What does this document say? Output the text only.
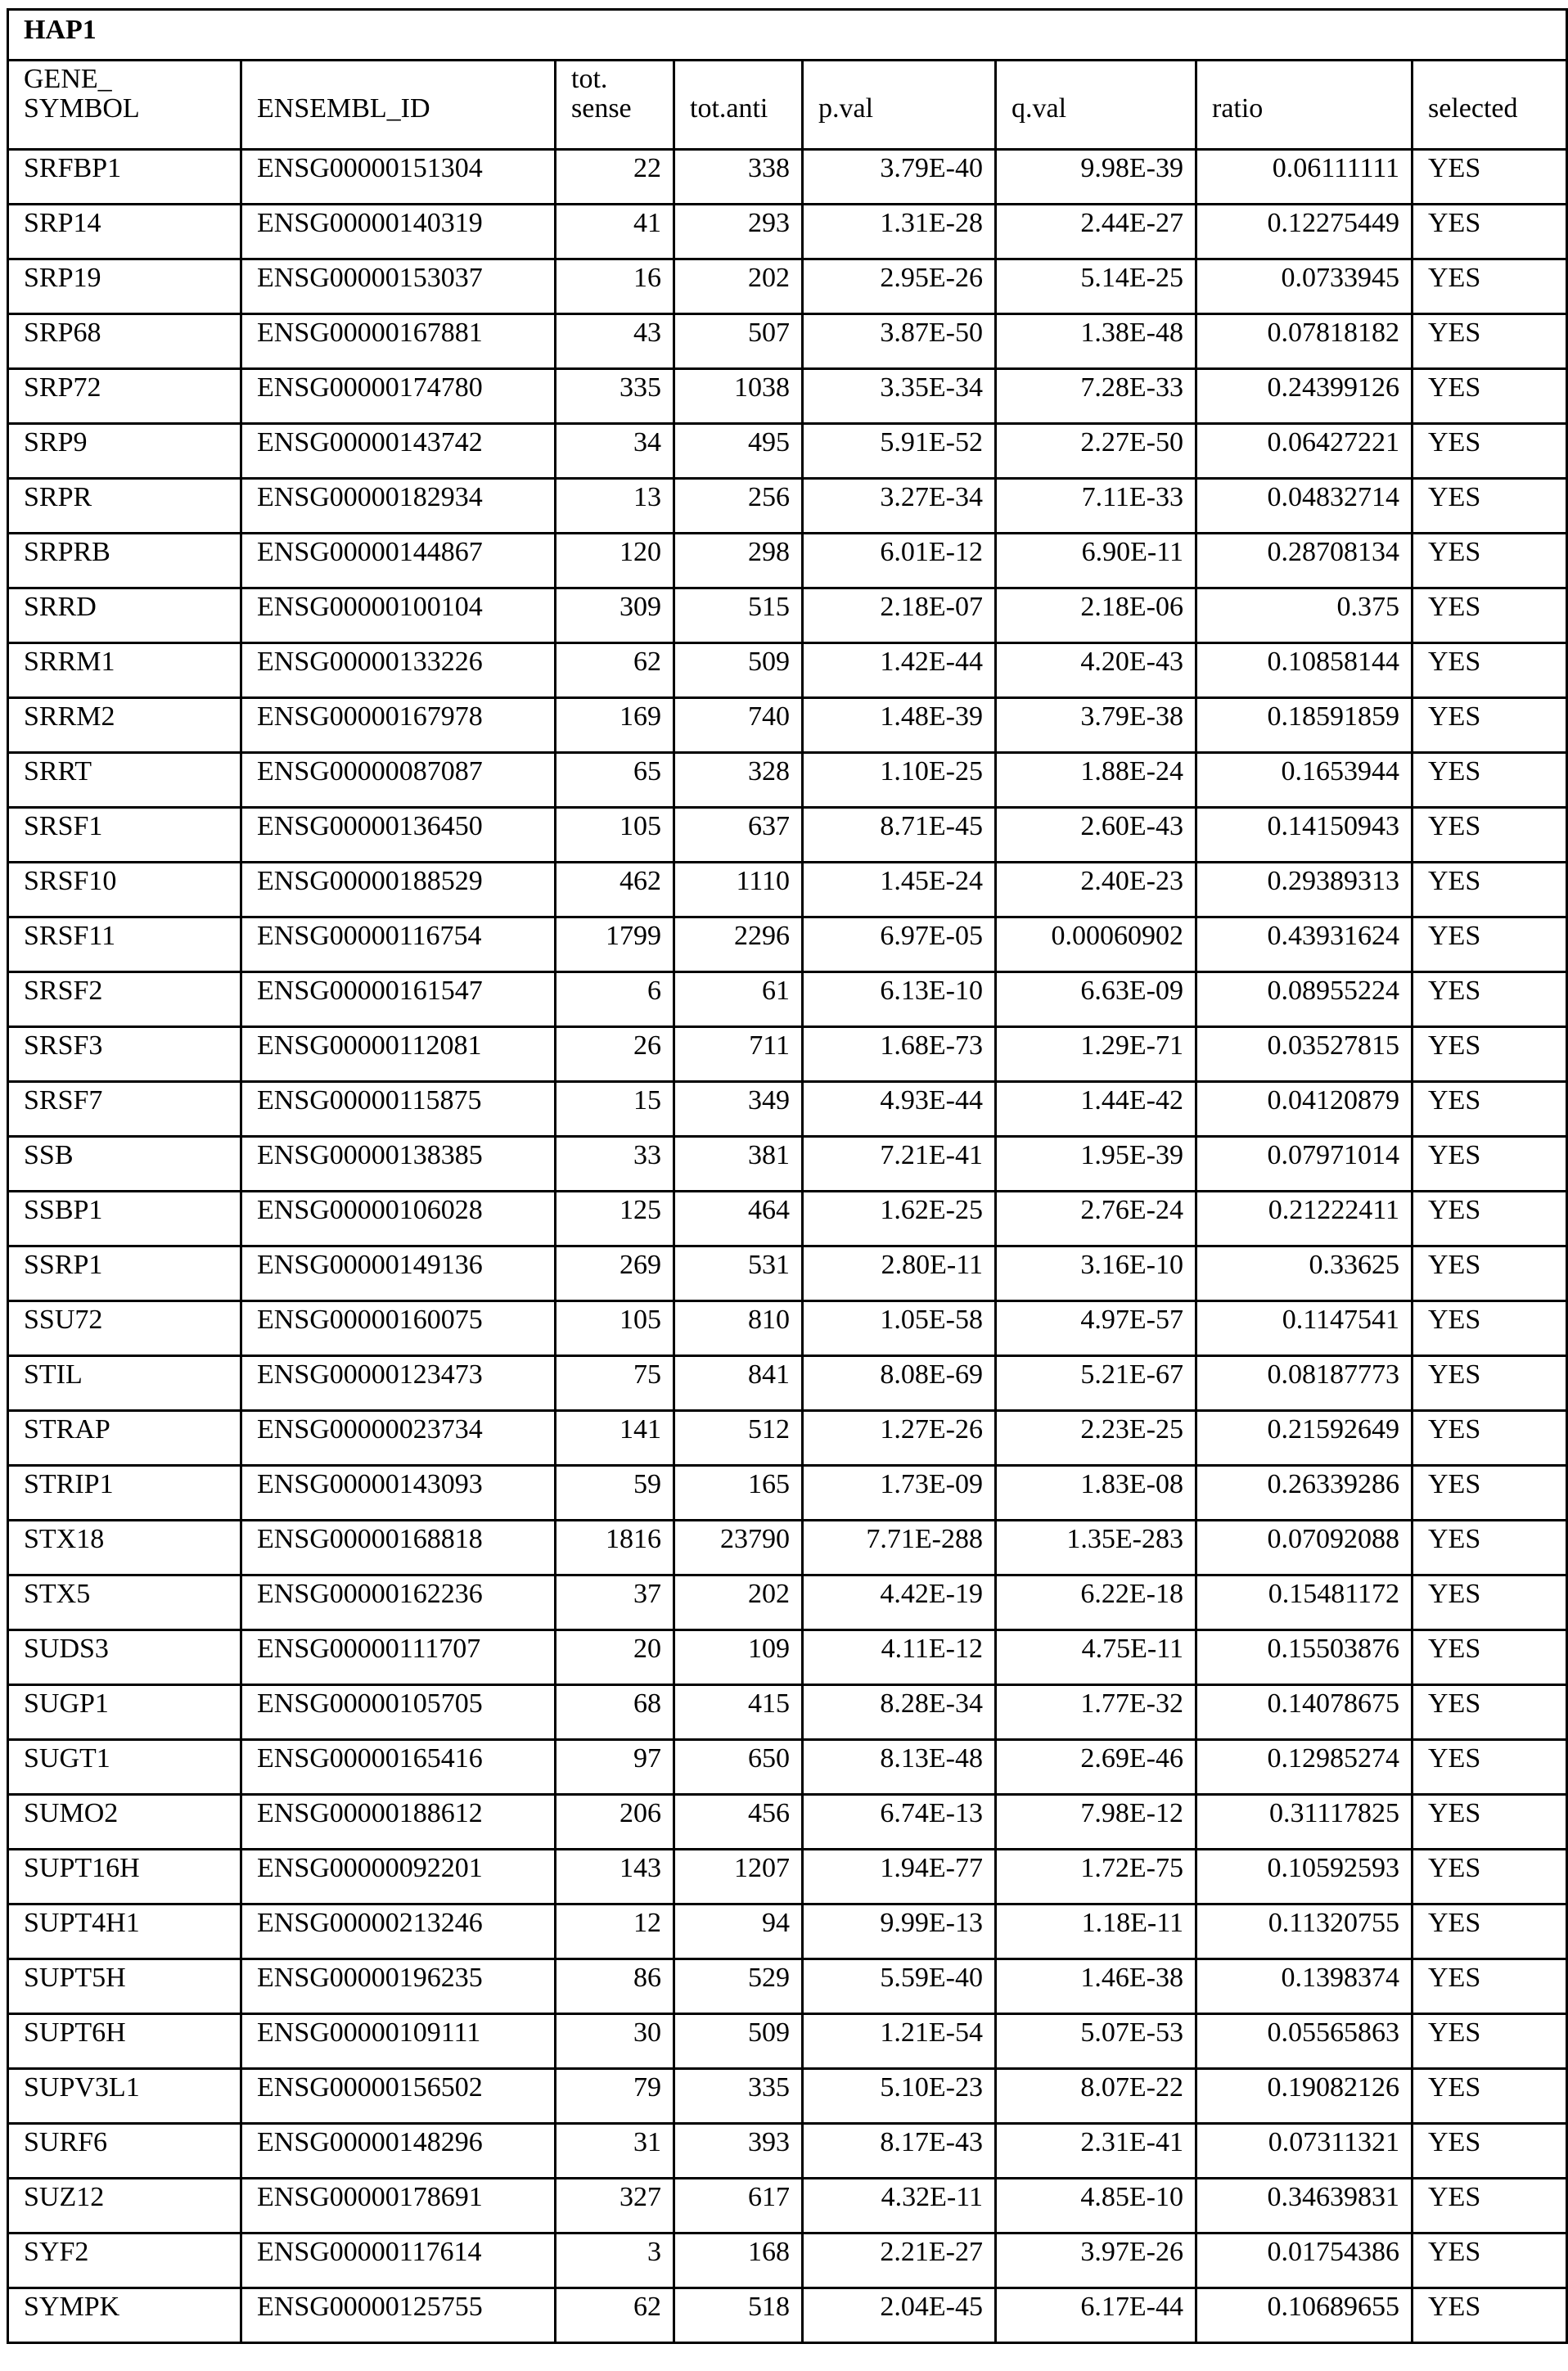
HAP1

GENE_
SYMBOL	ENSEMBL_ID

tot.
sense	tot.anti	p.val	q.val	ratio	selected

SRFBP1	ENSG00000151304	22	338	3.79E-40	9.98E-39	0.06111111	YES
SRP14	ENSG00000140319	41	293	1.31E-28	2.44E-27	0.12275449	YES
SRP19	ENSG00000153037	16	202	2.95E-26	5.14E-25	0.0733945	YES
SRP68	ENSG00000167881	43	507	3.87E-50	1.38E-48	0.07818182	YES
SRP72	ENSG00000174780	335	1038	3.35E-34	7.28E-33	0.24399126	YES
SRP9	ENSG00000143742	34	495	5.91E-52	2.27E-50	0.06427221	YES
SRPR	ENSG00000182934	13	256	3.27E-34	7.11E-33	0.04832714	YES
SRPRB	ENSG00000144867	120	298	6.01E-12	6.90E-11	0.28708134	YES
SRRD	ENSG00000100104	309	515	2.18E-07	2.18E-06	0.375	YES
SRRM1	ENSG00000133226	62	509	1.42E-44	4.20E-43	0.10858144	YES
SRRM2	ENSG00000167978	169	740	1.48E-39	3.79E-38	0.18591859	YES
SRRT	ENSG00000087087	65	328	1.10E-25	1.88E-24	0.1653944	YES
SRSF1	ENSG00000136450	105	637	8.71E-45	2.60E-43	0.14150943	YES
SRSF10	ENSG00000188529	462	1110	1.45E-24	2.40E-23	0.29389313	YES
SRSF11	ENSG00000116754	1799	2296	6.97E-05	0.00060902	0.43931624	YES
SRSF2	ENSG00000161547	6	61	6.13E-10	6.63E-09	0.08955224	YES
SRSF3	ENSG00000112081	26	711	1.68E-73	1.29E-71	0.03527815	YES
SRSF7	ENSG00000115875	15	349	4.93E-44	1.44E-42	0.04120879	YES
SSB	ENSG00000138385	33	381	7.21E-41	1.95E-39	0.07971014	YES
SSBP1	ENSG00000106028	125	464	1.62E-25	2.76E-24	0.21222411	YES
SSRP1	ENSG00000149136	269	531	2.80E-11	3.16E-10	0.33625	YES
SSU72	ENSG00000160075	105	810	1.05E-58	4.97E-57	0.1147541	YES
STIL	ENSG00000123473	75	841	8.08E-69	5.21E-67	0.08187773	YES
STRAP	ENSG00000023734	141	512	1.27E-26	2.23E-25	0.21592649	YES
STRIP1	ENSG00000143093	59	165	1.73E-09	1.83E-08	0.26339286	YES
STX18	ENSG00000168818	1816	23790	7.71E-288	1.35E-283	0.07092088	YES
STX5	ENSG00000162236	37	202	4.42E-19	6.22E-18	0.15481172	YES
SUDS3	ENSG00000111707	20	109	4.11E-12	4.75E-11	0.15503876	YES
SUGP1	ENSG00000105705	68	415	8.28E-34	1.77E-32	0.14078675	YES
SUGT1	ENSG00000165416	97	650	8.13E-48	2.69E-46	0.12985274	YES
SUMO2	ENSG00000188612	206	456	6.74E-13	7.98E-12	0.31117825	YES
SUPT16H	ENSG00000092201	143	1207	1.94E-77	1.72E-75	0.10592593	YES
SUPT4H1	ENSG00000213246	12	94	9.99E-13	1.18E-11	0.11320755	YES
SUPT5H	ENSG00000196235	86	529	5.59E-40	1.46E-38	0.1398374	YES
SUPT6H	ENSG00000109111	30	509	1.21E-54	5.07E-53	0.05565863	YES
SUPV3L1	ENSG00000156502	79	335	5.10E-23	8.07E-22	0.19082126	YES
SURF6	ENSG00000148296	31	393	8.17E-43	2.31E-41	0.07311321	YES
SUZ12	ENSG00000178691	327	617	4.32E-11	4.85E-10	0.34639831	YES
SYF2	ENSG00000117614	3	168	2.21E-27	3.97E-26	0.01754386	YES
SYMPK	ENSG00000125755	62	518	2.04E-45	6.17E-44	0.10689655	YES
